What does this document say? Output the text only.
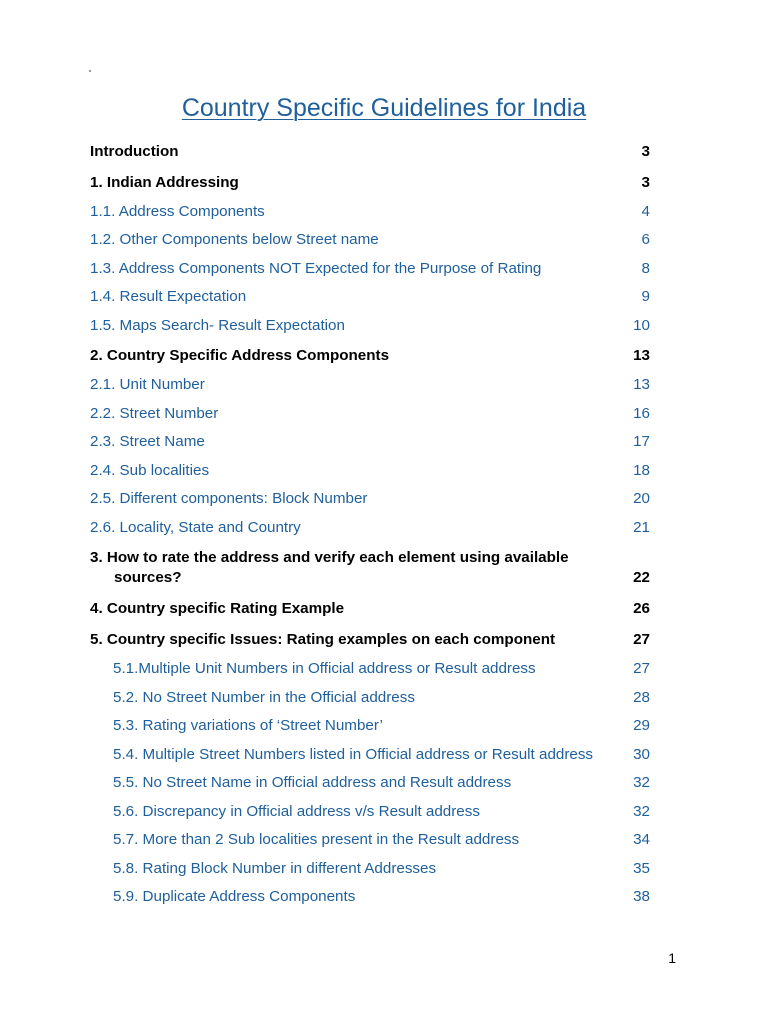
Country Specific Guidelines for India
Introduction	3
1. Indian Addressing	3
1.1. Address Components	4
1.2. Other Components below Street name	6
1.3. Address Components NOT Expected for the Purpose of Rating	8
1.4. Result Expectation	9
1.5. Maps Search- Result Expectation	10
2. Country Specific Address Components	13
2.1. Unit Number	13
2.2. Street Number	16
2.3. Street Name	17
2.4. Sub localities	18
2.5. Different components: Block Number	20
2.6. Locality, State and Country	21
3. How to rate the address and verify each element using available
sources?	22
4. Country specific Rating Example	26
5. Country specific Issues: Rating examples on each component	27
5.1.Multiple Unit Numbers in Official address or Result address	27
5.2. No Street Number in the Official address	28
5.3. Rating variations of ‘Street Number’	29
5.4. Multiple Street Numbers listed in Official address or Result address	30
5.5. No Street Name in Official address and Result address	32
5.6. Discrepancy in Official address v/s Result address	32
5.7. More than 2 Sub localities present in the Result address	34
5.8. Rating Block Number in different Addresses	35
5.9. Duplicate Address Components	38
1
